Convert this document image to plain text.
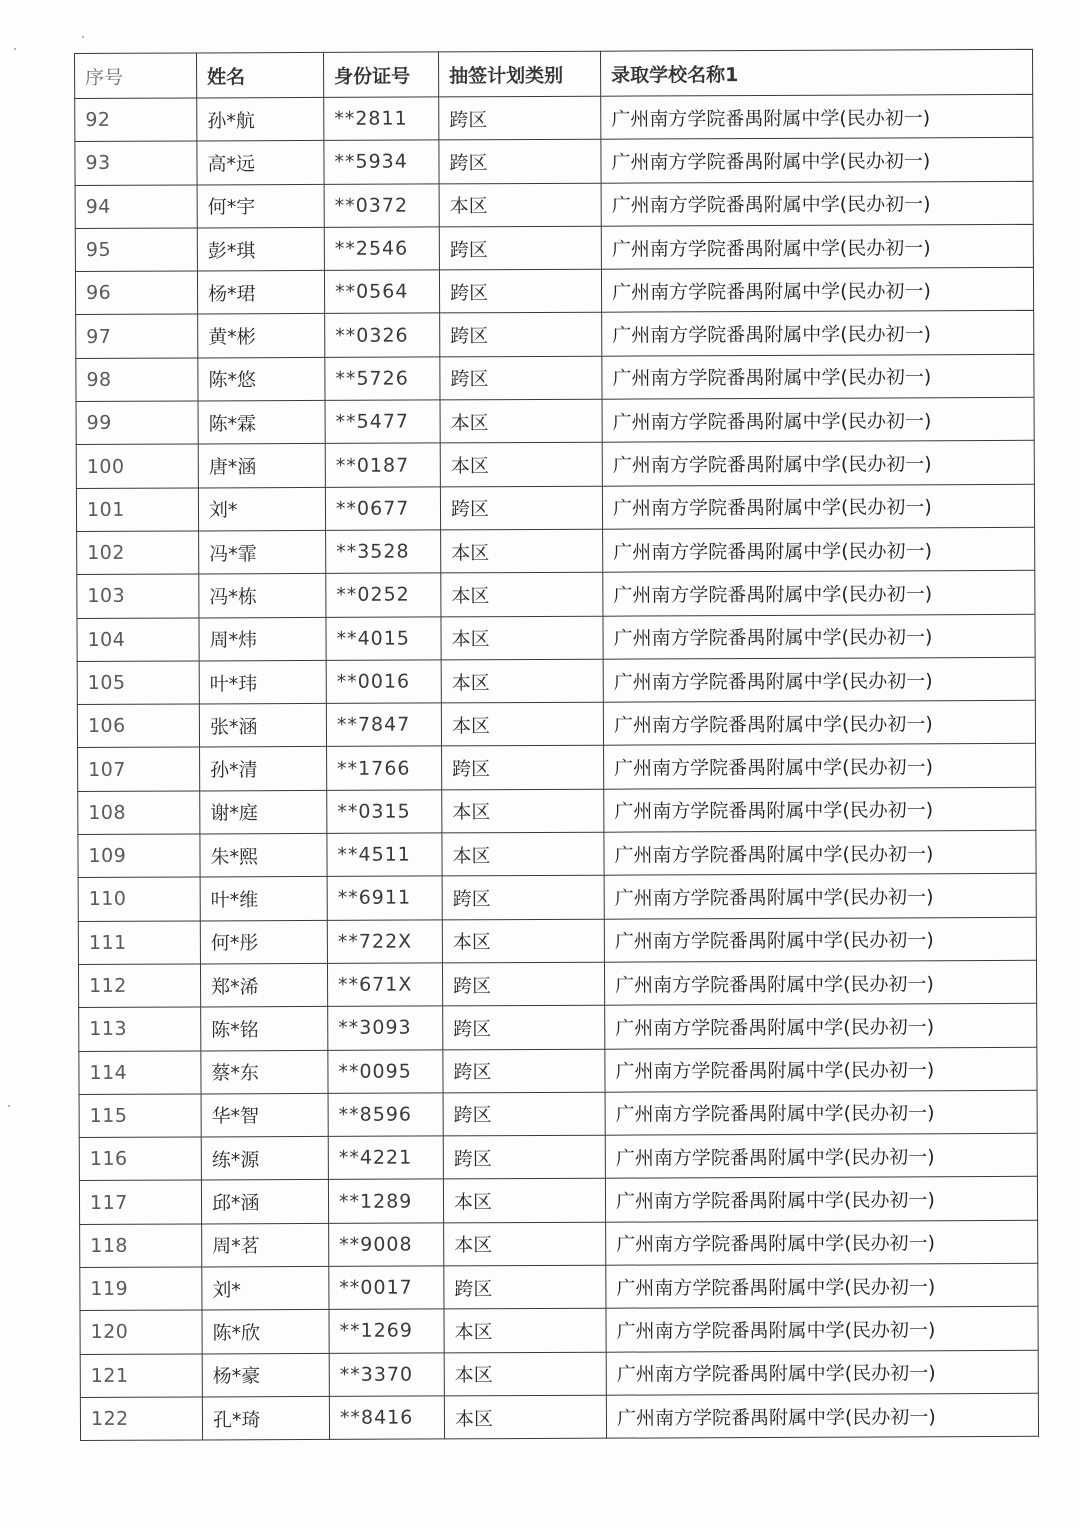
序号	姓名	身份证号	抽签计划类别	录取学校名称1
92	孙*航	**2811	跨区	广州南方学院番禺附属中学(民办初一)
93	高*远	**5934	跨区	广州南方学院番禺附属中学(民办初一)
94	何*宇	**0372	本区	广州南方学院番禺附属中学(民办初一)
95	彭*琪	**2546	跨区	广州南方学院番禺附属中学(民办初一)
96	杨*珺	**0564	跨区	广州南方学院番禺附属中学(民办初一)
97	黄*彬	**0326	跨区	广州南方学院番禺附属中学(民办初一)
98	陈*悠	**5726	跨区	广州南方学院番禺附属中学(民办初一)
99	陈*霖	**5477	本区	广州南方学院番禺附属中学(民办初一)
100	唐*涵	**0187	本区	广州南方学院番禺附属中学(民办初一)
101	刘*	**0677	跨区	广州南方学院番禺附属中学(民办初一)
102	冯*霏	**3528	本区	广州南方学院番禺附属中学(民办初一)
103	冯*栋	**0252	本区	广州南方学院番禺附属中学(民办初一)
104	周*炜	**4015	本区	广州南方学院番禺附属中学(民办初一)
105	叶*玮	**0016	本区	广州南方学院番禺附属中学(民办初一)
106	张*涵	**7847	本区	广州南方学院番禺附属中学(民办初一)
107	孙*清	**1766	跨区	广州南方学院番禺附属中学(民办初一)
108	谢*庭	**0315	本区	广州南方学院番禺附属中学(民办初一)
109	朱*熙	**4511	本区	广州南方学院番禺附属中学(民办初一)
110	叶*维	**6911	跨区	广州南方学院番禺附属中学(民办初一)
111	何*彤	**722X	本区	广州南方学院番禺附属中学(民办初一)
112	郑*浠	**671X	跨区	广州南方学院番禺附属中学(民办初一)
113	陈*铭	**3093	跨区	广州南方学院番禺附属中学(民办初一)
114	蔡*东	**0095	跨区	广州南方学院番禺附属中学(民办初一)
115	华*智	**8596	跨区	广州南方学院番禺附属中学(民办初一)
116	练*源	**4221	跨区	广州南方学院番禺附属中学(民办初一)
117	邱*涵	**1289	本区	广州南方学院番禺附属中学(民办初一)
118	周*茗	**9008	本区	广州南方学院番禺附属中学(民办初一)
119	刘*	**0017	跨区	广州南方学院番禺附属中学(民办初一)
120	陈*欣	**1269	本区	广州南方学院番禺附属中学(民办初一)
121	杨*豪	**3370	本区	广州南方学院番禺附属中学(民办初一)
122	孔*琦	**8416	本区	广州南方学院番禺附属中学(民办初一)
